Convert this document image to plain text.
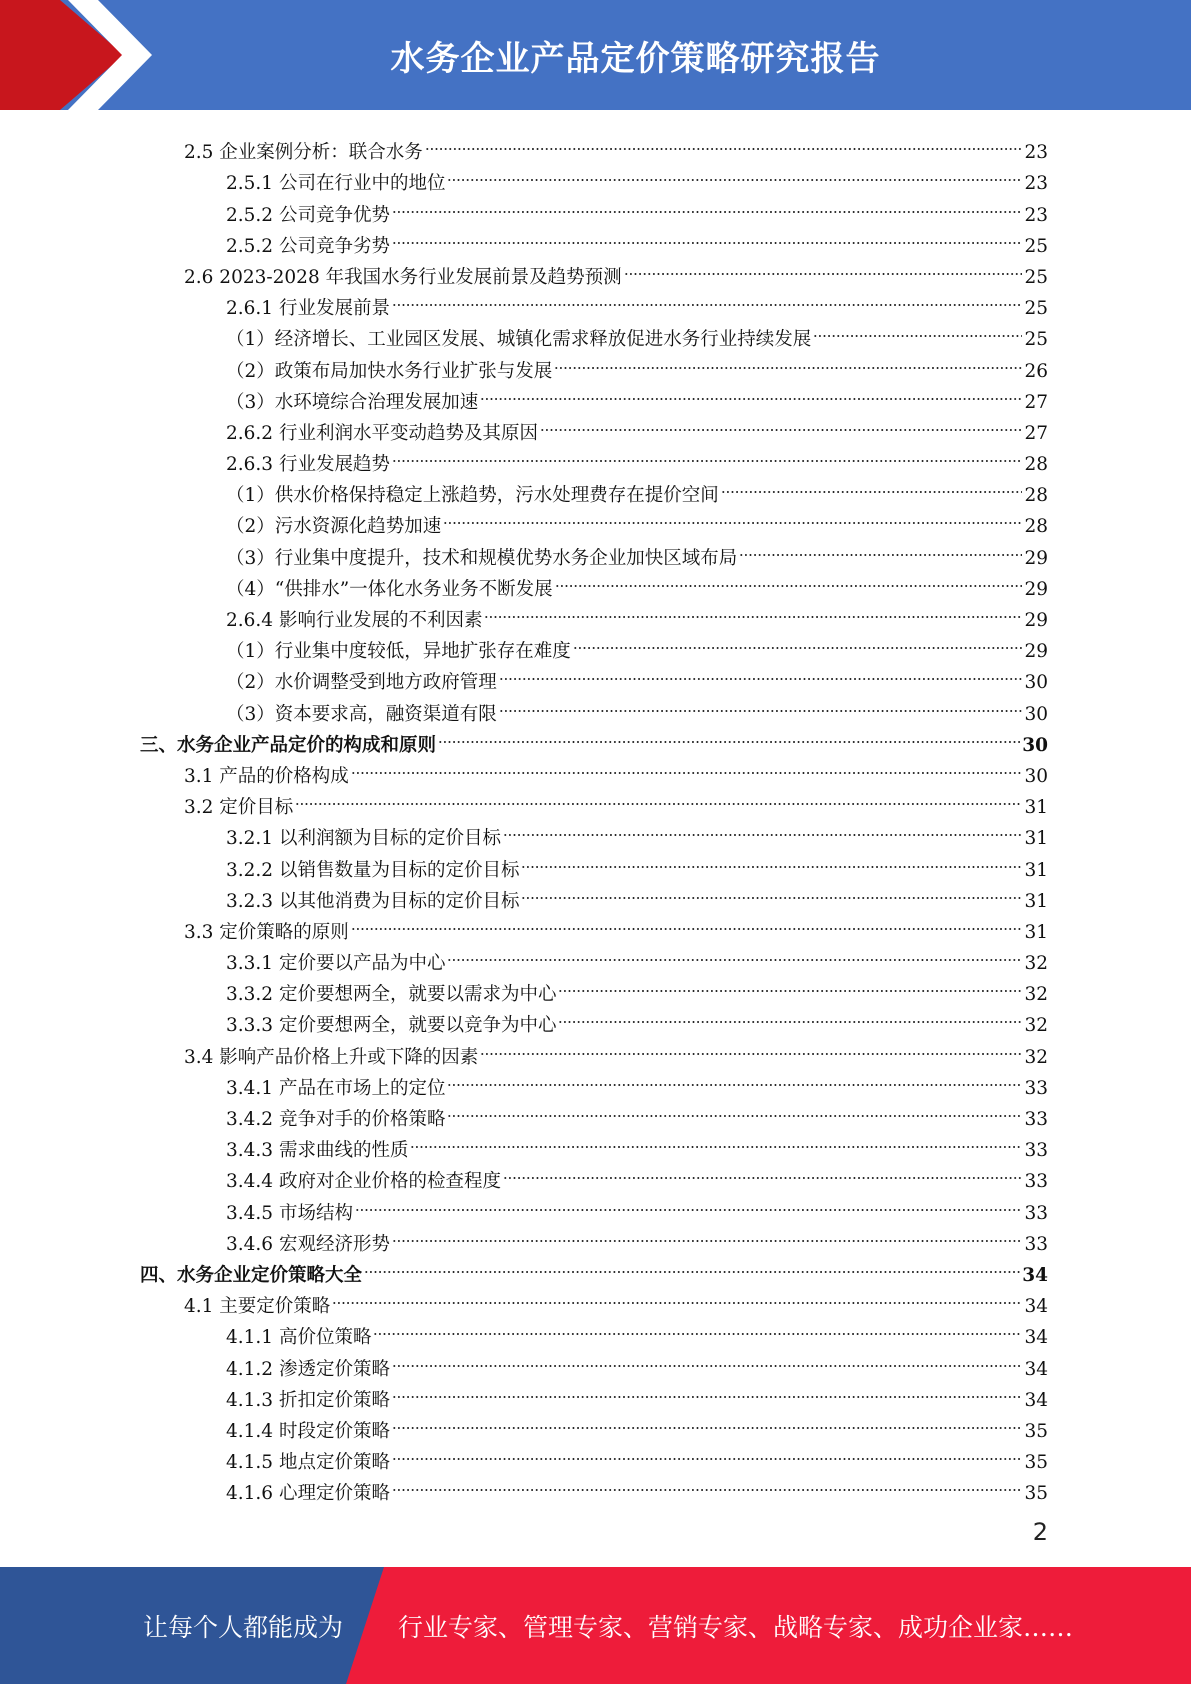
水务企业产品定价策略研究报告
2.5 企业案例分析：联合水务	23
2.5.1 公司在行业中的地位	23
2.5.2 公司竞争优势	23
2.5.2 公司竞争劣势	25
2.6 2023-2028 年我国水务行业发展前景及趋势预测	25
2.6.1 行业发展前景	25
（1）经济增长、工业园区发展、城镇化需求释放促进水务行业持续发展	25
（2）政策布局加快水务行业扩张与发展	26
（3）水环境综合治理发展加速	27
2.6.2 行业利润水平变动趋势及其原因	27
2.6.3 行业发展趋势	28
（1）供水价格保持稳定上涨趋势，污水处理费存在提价空间	28
（2）污水资源化趋势加速	28
（3）行业集中度提升，技术和规模优势水务企业加快区域布局	29
（4）“供排水”一体化水务业务不断发展	29
2.6.4 影响行业发展的不利因素	29
（1）行业集中度较低，异地扩张存在难度	29
（2）水价调整受到地方政府管理	30
（3）资本要求高，融资渠道有限	30
三、水务企业产品定价的构成和原则	30
3.1 产品的价格构成	30
3.2 定价目标	31
3.2.1 以利润额为目标的定价目标	31
3.2.2 以销售数量为目标的定价目标	31
3.2.3 以其他消费为目标的定价目标	31
3.3 定价策略的原则	31
3.3.1 定价要以产品为中心	32
3.3.2 定价要想两全，就要以需求为中心	32
3.3.3 定价要想两全，就要以竞争为中心	32
3.4 影响产品价格上升或下降的因素	32
3.4.1 产品在市场上的定位	33
3.4.2 竞争对手的价格策略	33
3.4.3 需求曲线的性质	33
3.4.4 政府对企业价格的检查程度	33
3.4.5 市场结构	33
3.4.6 宏观经济形势	33
四、水务企业定价策略大全	34
4.1 主要定价策略	34
4.1.1 高价位策略	34
4.1.2 渗透定价策略	34
4.1.3 折扣定价策略	34
4.1.4 时段定价策略	35
4.1.5 地点定价策略	35
4.1.6 心理定价策略	35
2
让每个人都能成为 行业专家、管理专家、营销专家、战略专家、成功企业家……
